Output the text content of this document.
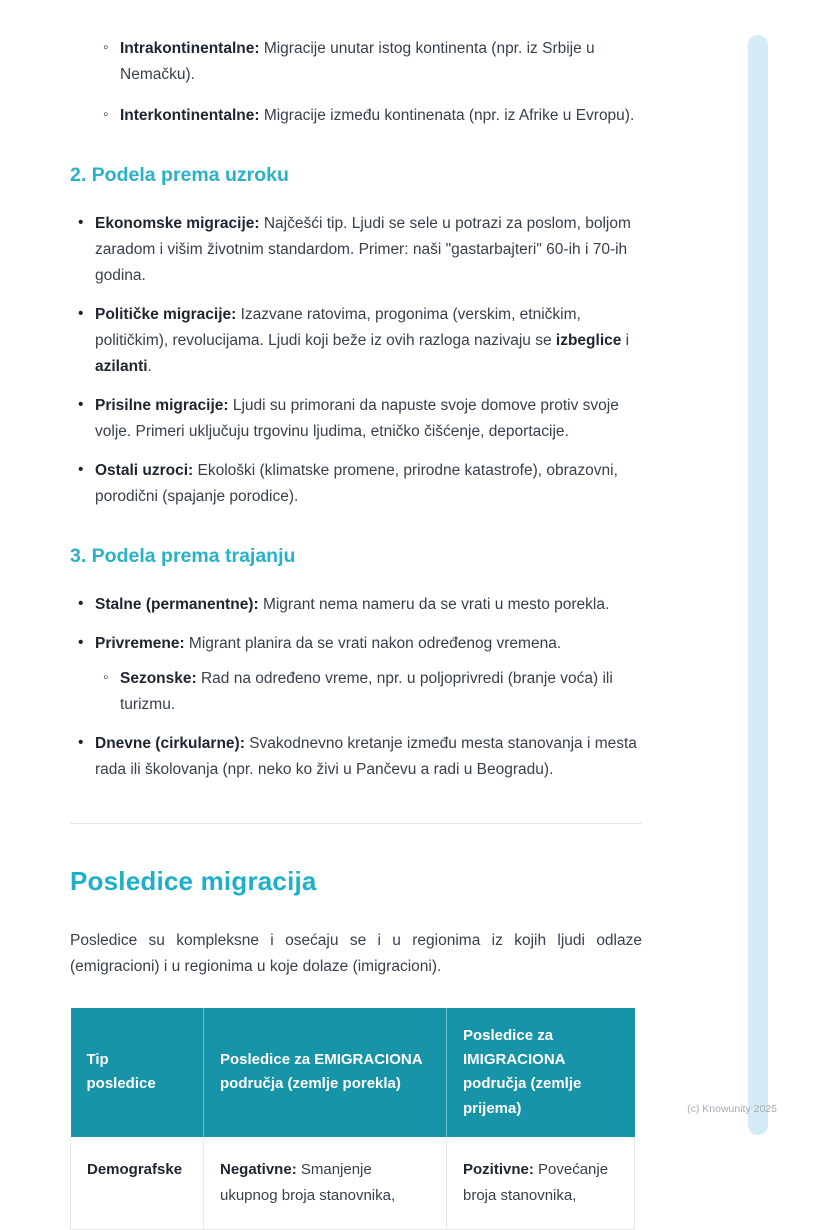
◦ Intrakontinentalne: Migracije unutar istog kontinenta (npr. iz Srbije u Nemačku).
◦ Interkontinentalne: Migracije između kontinenata (npr. iz Afrike u Evropu).
2. Podela prema uzroku
• Ekonomske migracije: Najčešći tip. Ljudi se sele u potrazi za poslom, boljom zaradom i višim životnim standardom. Primer: naši "gastarbajteri" 60-ih i 70-ih godina.
• Političke migracije: Izazvane ratovima, progonima (verskim, etničkim, političkim), revolucijama. Ljudi koji beže iz ovih razloga nazivaju se izbeglice i azilanti.
• Prisilne migracije: Ljudi su primorani da napuste svoje domove protiv svoje volje. Primeri uključuju trgovinu ljudima, etničko čišćenje, deportacije.
• Ostali uzroci: Ekološki (klimatske promene, prirodne katastrofe), obrazovni, porodični (spajanje porodice).
3. Podela prema trajanju
• Stalne (permanentne): Migrant nema nameru da se vrati u mesto porekla.
• Privremene: Migrant planira da se vrati nakon određenog vremena.
◦ Sezonske: Rad na određeno vreme, npr. u poljoprivredi (branje voća) ili turizmu.
• Dnevne (cirkularne): Svakodnevno kretanje između mesta stanovanja i mesta rada ili školovanja (npr. neko ko živi u Pančevu a radi u Beogradu).
Posledice migracija

Posledice su kompleksne i osećaju se i u regionima iz kojih ljudi odlaze (emigracioni) i u regionima u koje dolaze (imigracioni).

Tip posledice	Posledice za EMIGRACIONA područja (zemlje porekla)	Posledice za IMIGRACIONA područja (zemlje prijema)
Demografske	Negativne: Smanjenje ukupnog broja stanovnika,	Pozitivne: Povećanje broja stanovnika,
(c) Knowunity 2025
